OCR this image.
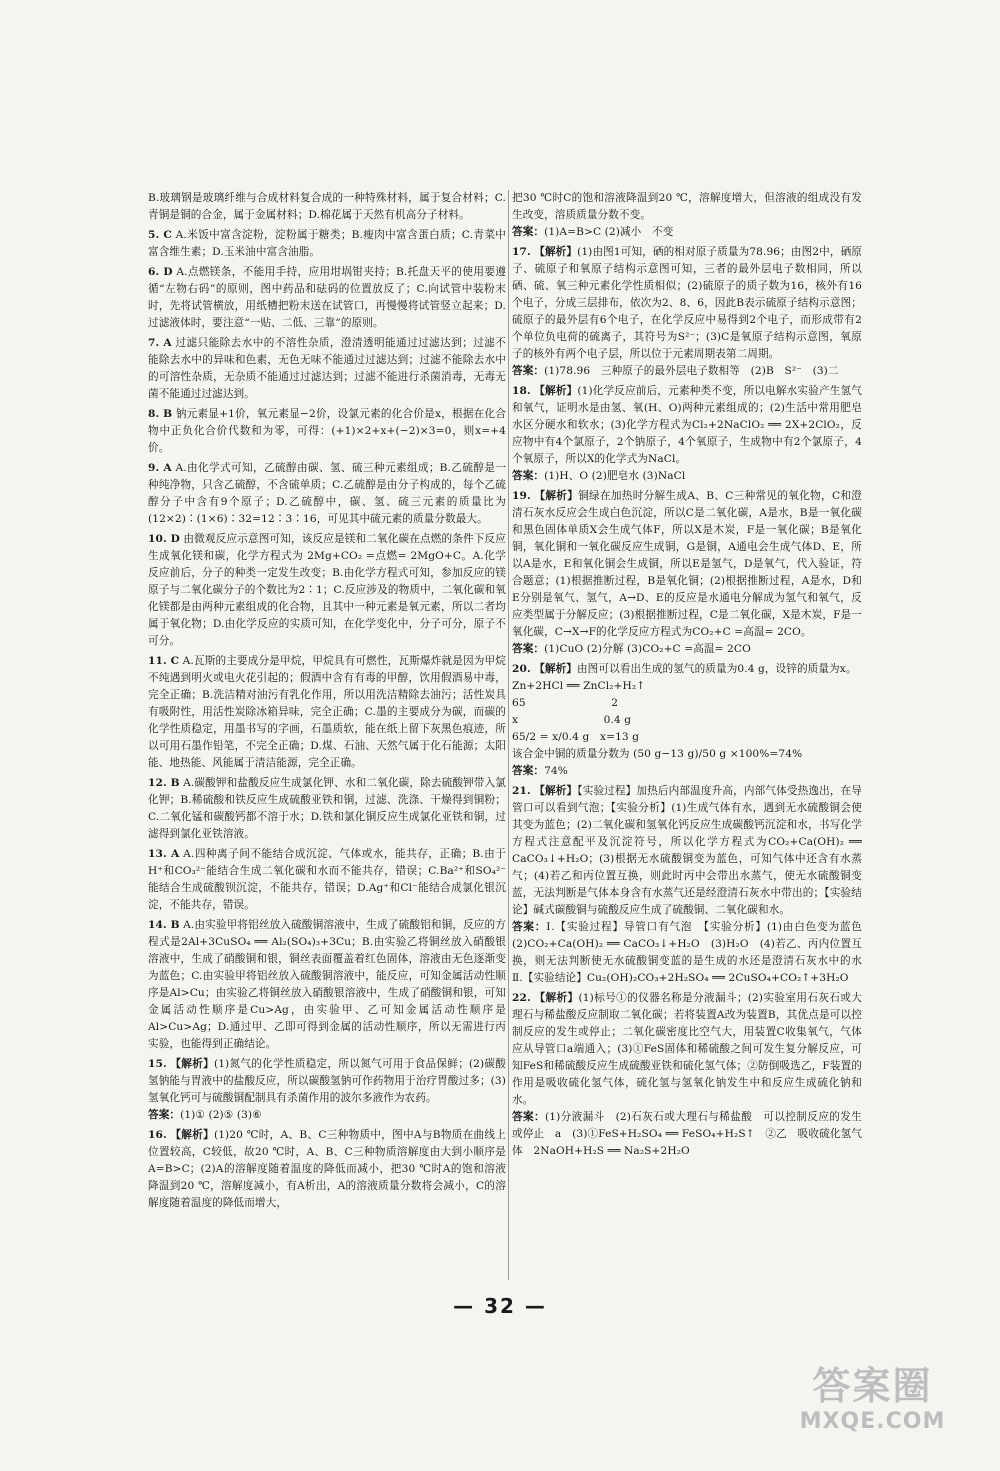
B.玻璃钢是玻璃纤维与合成材料复合成的一种特殊材料，属于复合材料；C.青铜是铜的合金，属于金属材料；D.棉花属于天然有机高分子材料。

5. C A.米饭中富含淀粉，淀粉属于糖类；B.瘦肉中富含蛋白质；C.青菜中富含维生素；D.玉米油中富含油脂。

6. D A.点燃镁条，不能用手持，应用坩埚钳夹持；B.托盘天平的使用要遵循“左物右码”的原则，图中药品和砝码的位置放反了；C.向试管中装粉末时，先将试管横放，用纸槽把粉末送在试管口，再慢慢将试管竖立起来；D.过滤液体时，要注意“一贴、二低、三靠”的原则。

7. A 过滤只能除去水中的不溶性杂质，澄清透明能通过过滤达到；过滤不能除去水中的异味和色素，无色无味不能通过过滤达到；过滤不能除去水中的可溶性杂质，无杂质不能通过过滤达到；过滤不能进行杀菌消毒，无毒无菌不能通过过滤达到。

8. B 钠元素显+1价，氧元素显−2价，设氯元素的化合价是x，根据在化合物中正负化合价代数和为零，可得：(+1)×2+x+(−2)×3=0，则x=+4价。

9. A A.由化学式可知，乙硫醇由碳、氢、硫三种元素组成；B.乙硫醇是一种纯净物，只含乙硫醇，不含硫单质；C.乙硫醇是由分子构成的，每个乙硫醇分子中含有9个原子；D.乙硫醇中，碳、氢、硫三元素的质量比为(12×2)∶(1×6)∶32=12∶3∶16，可见其中硫元素的质量分数最大。

10. D 由微观反应示意图可知，该反应是镁和二氧化碳在点燃的条件下反应生成氧化镁和碳，化学方程式为 2Mg+CO₂ =点燃= 2MgO+C。A.化学反应前后，分子的种类一定发生改变；B.由化学方程式可知，参加反应的镁原子与二氧化碳分子的个数比为2∶1；C.反应涉及的物质中，二氧化碳和氧化镁都是由两种元素组成的化合物，且其中一种元素是氧元素，所以二者均属于氧化物；D.由化学反应的实质可知，在化学变化中，分子可分，原子不可分。

11. C A.瓦斯的主要成分是甲烷，甲烷具有可燃性，瓦斯爆炸就是因为甲烷不纯遇到明火或电火花引起的；假酒中含有有毒的甲醇，饮用假酒易中毒，完全正确；B.洗洁精对油污有乳化作用，所以用洗洁精除去油污；活性炭具有吸附性，用活性炭除冰箱异味，完全正确；C.墨的主要成分为碳，而碳的化学性质稳定，用墨书写的字画，石墨质软，能在纸上留下灰黑色痕迹，所以可用石墨作铅笔，不完全正确；D.煤、石油、天然气属于化石能源；太阳能、地热能、风能属于清洁能源，完全正确。

12. B A.碳酸钾和盐酸反应生成氯化钾、水和二氧化碳，除去硫酸钾带入氯化钾；B.稀硫酸和铁反应生成硫酸亚铁和铜，过滤、洗涤、干燥得到铜粉；C.二氧化锰和碳酸钙都不溶于水；D.铁和氯化铜反应生成氯化亚铁和铜，过滤得到氯化亚铁溶液。

13. A A.四种离子间不能结合成沉淀、气体或水，能共存，正确；B.由于H⁺和CO₃²⁻能结合生成二氧化碳和水而不能共存，错误；C.Ba²⁺和SO₄²⁻能结合生成硫酸钡沉淀，不能共存，错误；D.Ag⁺和Cl⁻能结合成氯化银沉淀，不能共存，错误。

14. B A.由实验甲将铝丝放入硫酸铜溶液中，生成了硫酸铝和铜，反应的方程式是2Al+3CuSO₄ ══ Al₂(SO₄)₃+3Cu；B.由实验乙将铜丝放入硝酸银溶液中，生成了硝酸铜和银，铜丝表面覆盖着红色固体，溶液由无色逐渐变为蓝色；C.由实验甲将铝丝放入硫酸铜溶液中，能反应，可知金属活动性顺序是Al>Cu；由实验乙将铜丝放入硝酸银溶液中，生成了硝酸铜和银，可知金属活动性顺序是Cu>Ag，由实验甲、乙可知金属活动性顺序是Al>Cu>Ag；D.通过甲、乙即可得到金属的活动性顺序，所以无需进行丙实验，也能得到正确结论。

15. 【解析】(1)氮气的化学性质稳定，所以氮气可用于食品保鲜；(2)碳酸氢钠能与胃液中的盐酸反应，所以碳酸氢钠可作药物用于治疗胃酸过多；(3)氢氧化钙可与硫酸铜配制具有杀菌作用的波尔多液作为农药。

答案：(1)① (2)⑤ (3)⑥

16. 【解析】(1)20 ℃时，A、B、C三种物质中，图中A与B物质在曲线上位置较高，C较低，故20 ℃时，A、B、C三种物质溶解度由大到小顺序是A=B>C；(2)A的溶解度随着温度的降低而减小，把30 ℃时A的饱和溶液降温到20 ℃，溶解度减小，有A析出，A的溶液质量分数将会减小，C的溶解度随着温度的降低而增大，

把30 ℃时C的饱和溶液降温到20 ℃，溶解度增大，但溶液的组成没有发生改变，溶质质量分数不变。

答案：(1)A=B>C (2)减小　不变

17. 【解析】(1)由图1可知，硒的相对原子质量为78.96；由图2中，硒原子、硫原子和氧原子结构示意图可知，三者的最外层电子数相同，所以硒、硫、氧三种元素化学性质相似；(2)硫原子的质子数为16，核外有16个电子，分成三层排布，依次为2、8、6，因此B表示硫原子结构示意图；硫原子的最外层有6个电子，在化学反应中易得到2个电子，而形成带有2个单位负电荷的硫离子，其符号为S²⁻；(3)C是氧原子结构示意图，氧原子的核外有两个电子层，所以位于元素周期表第二周期。

答案：(1)78.96　三种原子的最外层电子数相等　(2)B　S²⁻　(3)二

18. 【解析】(1)化学反应前后，元素种类不变，所以电解水实验产生氢气和氧气，证明水是由氢、氧(H、O)两种元素组成的；(2)生活中常用肥皂水区分硬水和软水；(3)化学方程式为Cl₂+2NaClO₂ ══ 2X+2ClO₂，反应物中有4个氯原子，2个钠原子，4个氧原子，生成物中有2个氯原子，4个氧原子，所以X的化学式为NaCl。

答案：(1)H、O (2)肥皂水 (3)NaCl

19. 【解析】铜绿在加热时分解生成A、B、C三种常见的氧化物，C和澄清石灰水反应会生成白色沉淀，所以C是二氧化碳，A是水，B是一氧化碳和黑色固体单质X会生成气体F，所以X是木炭，F是一氧化碳；B是氧化铜，氧化铜和一氧化碳反应生成铜，G是铜，A通电会生成气体D、E，所以A是水，E和氧化铜会生成铜，所以E是氢气，D是氧气，代入验证，符合题意；(1)根据推断过程，B是氧化铜；(2)根据推断过程，A是水，D和E分别是氧气、氢气，A→D、E的反应是水通电分解成为氢气和氧气，反应类型属于分解反应；(3)根据推断过程，C是二氧化碳，X是木炭，F是一氧化碳，C→X→F的化学反应方程式为CO₂+C =高温= 2CO。

答案：(1)CuO (2)分解 (3)CO₂+C =高温= 2CO

20. 【解析】由图可以看出生成的氢气的质量为0.4 g，设锌的质量为x。

Zn+2HCl ══ ZnCl₂+H₂↑

65　　　　　　　　2

x　　　　　　　　0.4 g

65/2 = x/0.4 g　x=13 g

该合金中铜的质量分数为 (50 g−13 g)/50 g ×100%=74%

答案：74%

21. 【解析】【实验过程】加热后内部温度升高，内部气体受热逸出，在导管口可以看到气泡；【实验分析】(1)生成气体有水，遇到无水硫酸铜会使其变为蓝色；(2)二氧化碳和氢氧化钙反应生成碳酸钙沉淀和水，书写化学方程式注意配平及沉淀符号，所以化学方程式为CO₂+Ca(OH)₂ ══ CaCO₃↓+H₂O；(3)根据无水硫酸铜变为蓝色，可知气体中还含有水蒸气；(4)若乙和丙位置互换，则此时丙中会带出水蒸气，使无水硫酸铜变蓝，无法判断是气体本身含有水蒸气还是经澄清石灰水中带出的；【实验结论】碱式碳酸铜与硫酸反应生成了硫酸铜、二氧化碳和水。

答案：Ⅰ.【实验过程】导管口有气泡　【实验分析】(1)由白色变为蓝色　(2)CO₂+Ca(OH)₂ ══ CaCO₃↓+H₂O　(3)H₂O　(4)若乙、丙内位置互换，则无法判断使无水硫酸铜变蓝的是生成的水还是澄清石灰水中的水　Ⅱ.【实验结论】Cu₂(OH)₂CO₃+2H₂SO₄ ══ 2CuSO₄+CO₂↑+3H₂O

22. 【解析】(1)标号①的仪器名称是分液漏斗；(2)实验室用石灰石或大理石与稀盐酸反应制取二氧化碳；若将装置A改为装置B，其优点是可以控制反应的发生或停止；二氧化碳密度比空气大，用装置C收集氧气，气体应从导管口a端通入；(3)①FeS固体和稀硫酸之间可发生复分解反应，可知FeS和稀硫酸反应生成硫酸亚铁和硫化氢气体；②防倒吸选乙，F装置的作用是吸收硫化氢气体，硫化氢与氢氧化钠发生中和反应生成硫化钠和水。

答案：(1)分液漏斗　(2)石灰石或大理石与稀盐酸　可以控制反应的发生或停止　a　(3)①FeS+H₂SO₄ ══ FeSO₄+H₂S↑　②乙　吸收硫化氢气体　2NaOH+H₂S ══ Na₂S+2H₂O

— 32 —
答案圈
MXQE.COM
